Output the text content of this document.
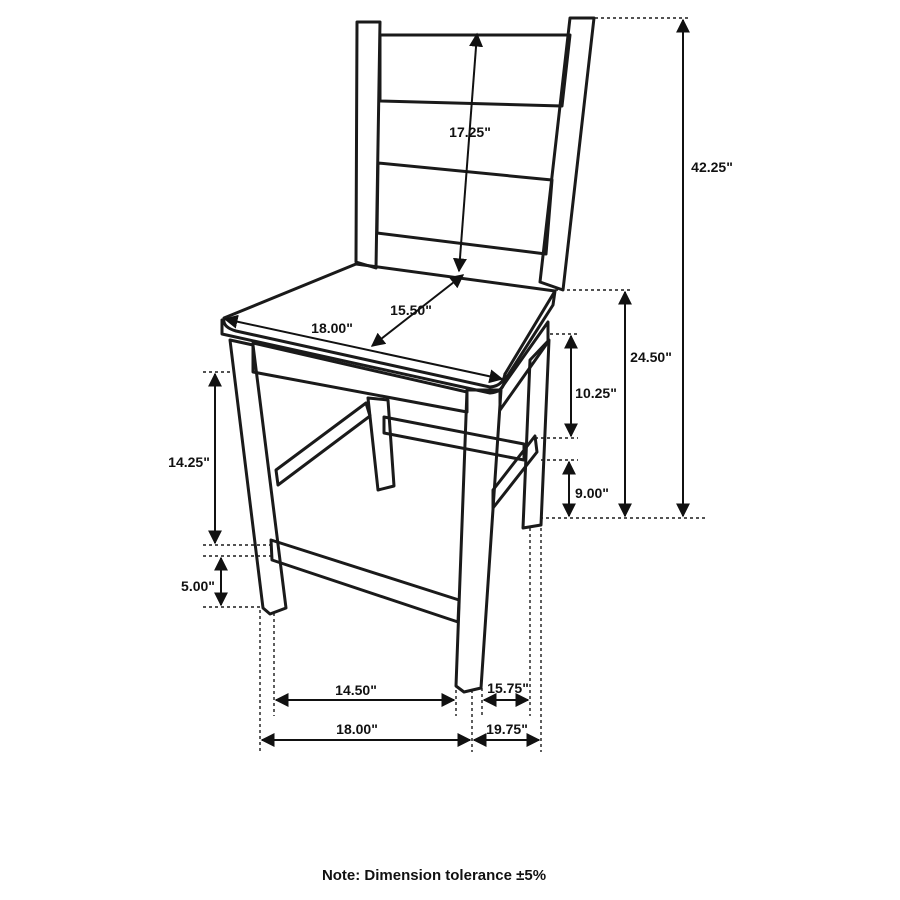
17.25"
42.25"
15.50"
18.00"
24.50"
10.25"
9.00"
14.25"
5.00"
14.50"
18.00"
15.75"
19.75"
Note: Dimension tolerance ±5%
